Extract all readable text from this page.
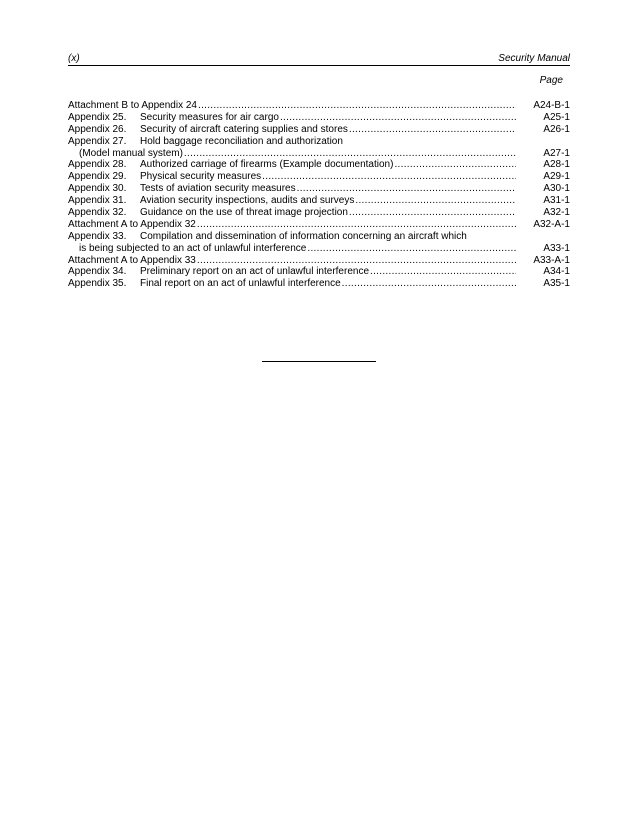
(x)	Security Manual
Page
Attachment B to Appendix 24 .....	A24-B-1
Appendix 25. Security measures for air cargo .....	A25-1
Appendix 26. Security of aircraft catering supplies and stores .....	A26-1
Appendix 27. Hold baggage reconciliation and authorization
(Model manual system) .....	A27-1
Appendix 28. Authorized carriage of firearms (Example documentation) .....	A28-1
Appendix 29. Physical security measures .....	A29-1
Appendix 30. Tests of aviation security measures .....	A30-1
Appendix 31. Aviation security inspections, audits and surveys .....	A31-1
Appendix 32. Guidance on the use of threat image projection .....	A32-1
Attachment A to Appendix 32 .....	A32-A-1
Appendix 33. Compilation and dissemination of information concerning an aircraft which
is being subjected to an act of unlawful interference .....	A33-1
Attachment A to Appendix 33 .....	A33-A-1
Appendix 34. Preliminary report on an act of unlawful interference .....	A34-1
Appendix 35. Final report on an act of unlawful interference .....	A35-1
